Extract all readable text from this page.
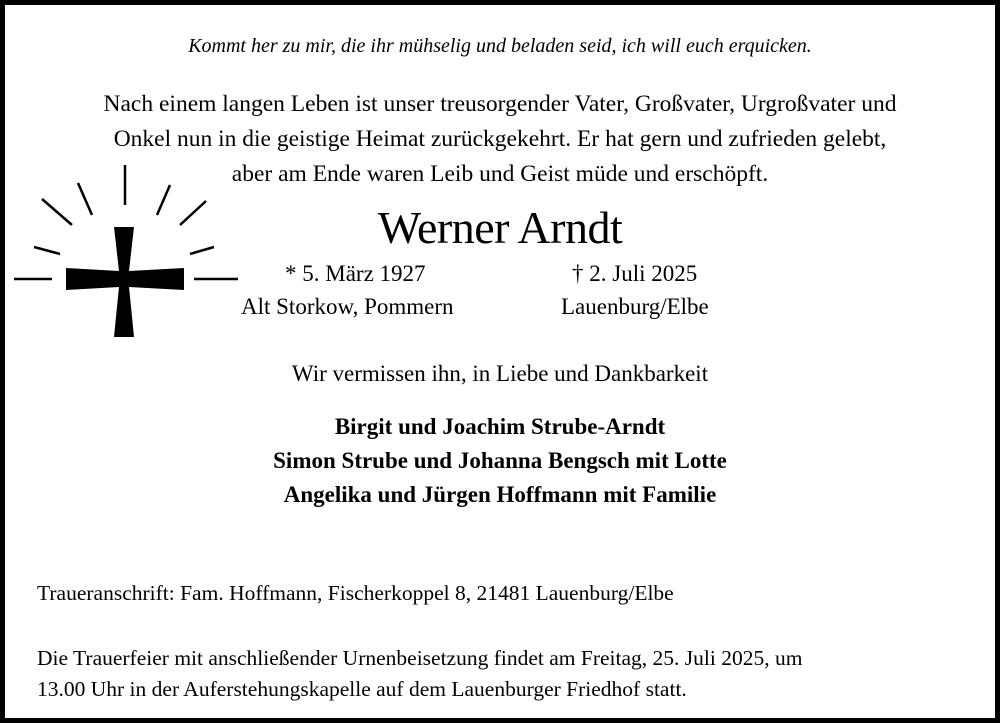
Kommt her zu mir, die ihr mühselig und beladen seid, ich will euch erquicken.
Nach einem langen Leben ist unser treusorgender Vater, Großvater, Urgroßvater und
Onkel nun in die geistige Heimat zurückgekehrt. Er hat gern und zufrieden gelebt,
aber am Ende waren Leib und Geist müde und erschöpft.
Werner Arndt
* 5. März 1927	† 2. Juli 2025
Alt Storkow, Pommern	Lauenburg/Elbe
Wir vermissen ihn, in Liebe und Dankbarkeit
Birgit und Joachim Strube-Arndt
Simon Strube und Johanna Bengsch mit Lotte
Angelika und Jürgen Hoffmann mit Familie
Traueranschrift: Fam. Hoffmann, Fischerkoppel 8, 21481 Lauenburg/Elbe
Die Trauerfeier mit anschließender Urnenbeisetzung findet am Freitag, 25. Juli 2025, um
13.00 Uhr in der Auferstehungskapelle auf dem Lauenburger Friedhof statt.
